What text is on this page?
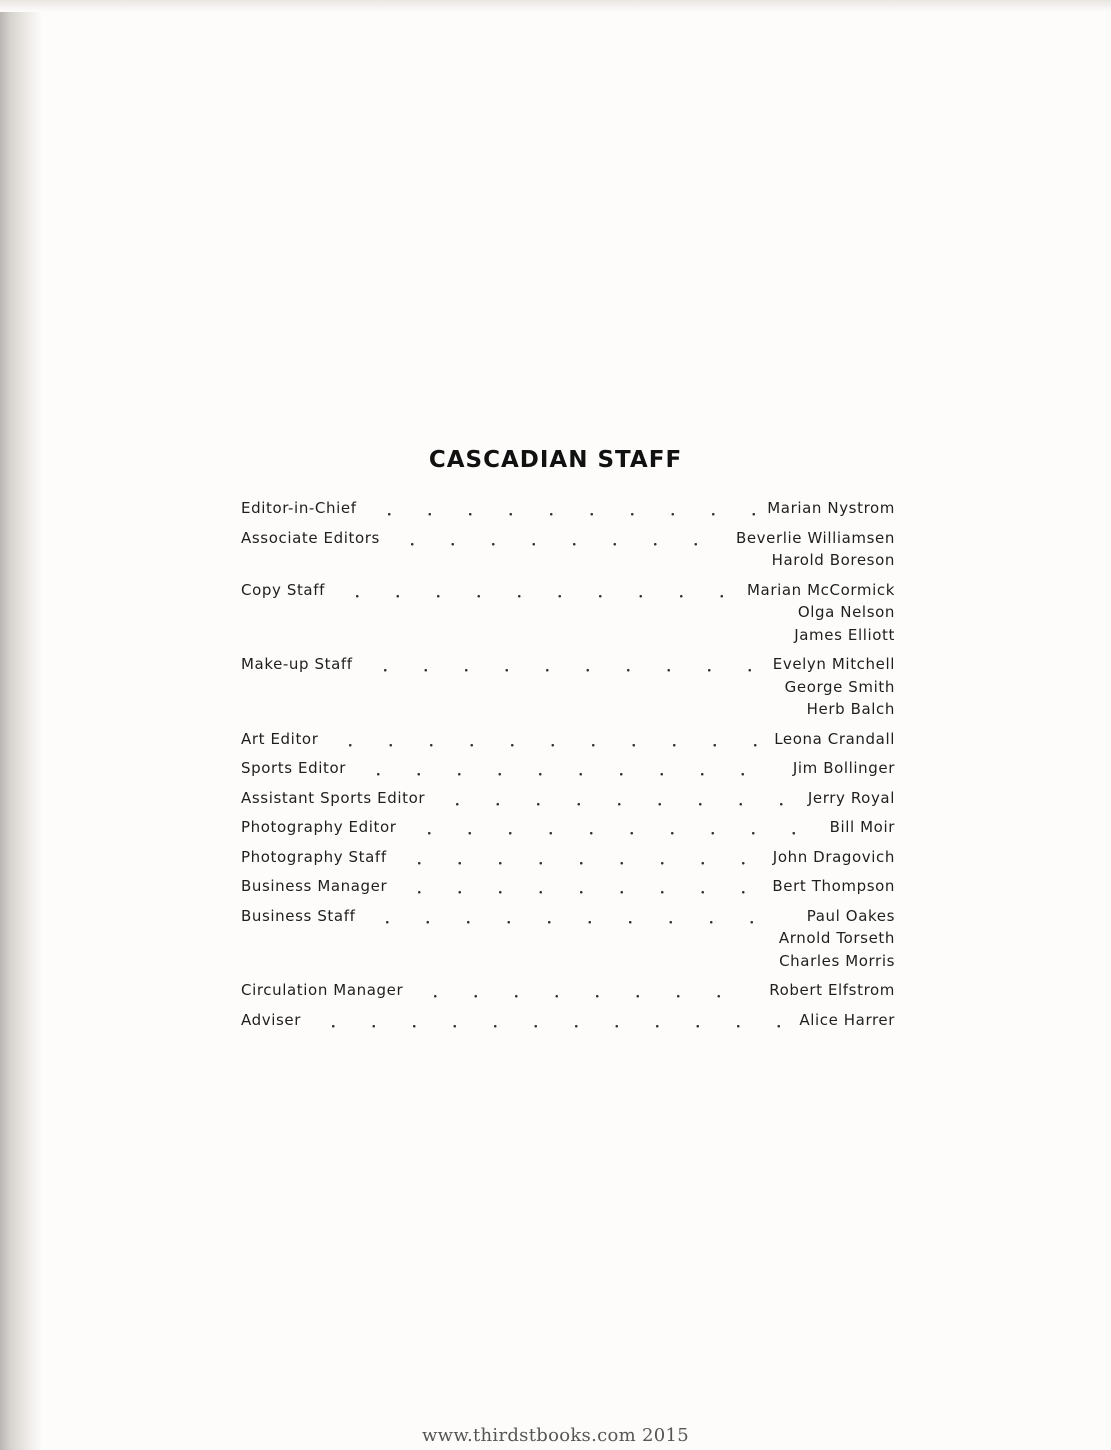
CASCADIAN STAFF
Editor-in-Chief	Marian Nystrom
Associate Editors	Beverlie Williamsen
Harold Boreson
Copy Staff	Marian McCormick
Olga Nelson
James Elliott
Make-up Staff	Evelyn Mitchell
George Smith
Herb Balch
Art Editor	Leona Crandall
Sports Editor	Jim Bollinger
Assistant Sports Editor	Jerry Royal
Photography Editor	Bill Moir
Photography Staff	John Dragovich
Business Manager	Bert Thompson
Business Staff	Paul Oakes
Arnold Torseth
Charles Morris
Circulation Manager	Robert Elfstrom
Adviser	Alice Harrer
www.thirdstbooks.com 2015
